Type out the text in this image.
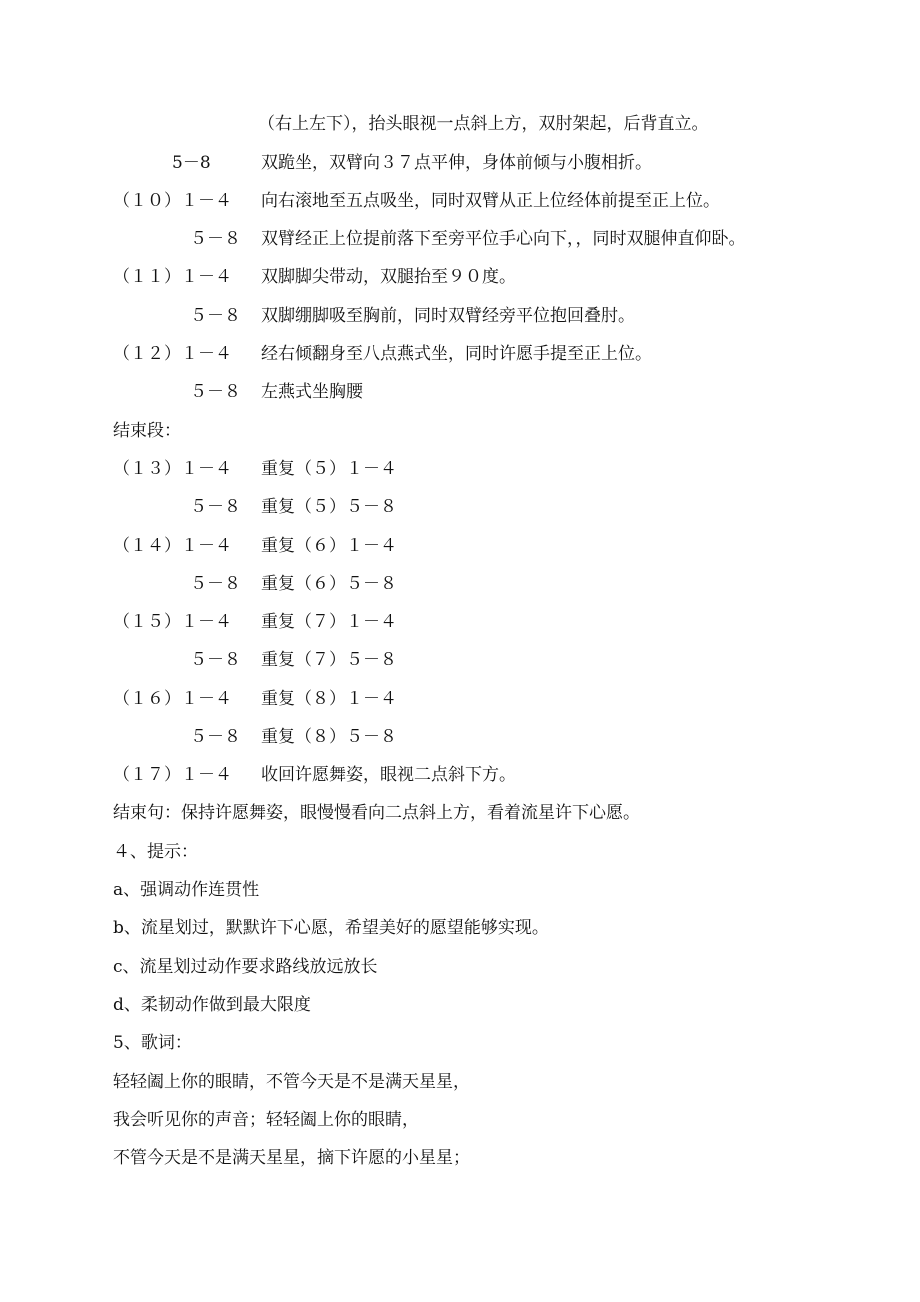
（右上左下），抬头眼视一点斜上方，双肘架起，后背直立。
5－8	双跪坐，双臂向３７点平伸，身体前倾与小腹相折。
（１０）１－４ 向右滚地至五点吸坐，同时双臂从正上位经体前提至正上位。
５－８ 双臂经正上位提前落下至旁平位手心向下，，同时双腿伸直仰卧。
（１１）１－４ 双脚脚尖带动，双腿抬至９０度。
５－８ 双脚绷脚吸至胸前，同时双臂经旁平位抱回叠肘。
（１２）１－４ 经右倾翻身至八点燕式坐，同时许愿手提至正上位。
５－８ 左燕式坐胸腰
结束段：
（１３）１－４ 重复（５）１－４
５－８ 重复（５）５－８
（１４）１－４ 重复（６）１－４
５－８ 重复（６）５－８
（１５）１－４ 重复（７）１－４
５－８ 重复（７）５－８
（１６）１－４ 重复（８）１－４
５－８ 重复（８）５－８
（１７）１－４ 收回许愿舞姿，眼视二点斜下方。
结束句：保持许愿舞姿，眼慢慢看向二点斜上方，看着流星许下心愿。
４、提示：
a、强调动作连贯性
b、流星划过，默默许下心愿，希望美好的愿望能够实现。
c、流星划过动作要求路线放远放长
d、柔韧动作做到最大限度
5、歌词：
轻轻阖上你的眼睛，不管今天是不是满天星星，
我会听见你的声音；轻轻阖上你的眼睛，
不管今天是不是满天星星，摘下许愿的小星星；
